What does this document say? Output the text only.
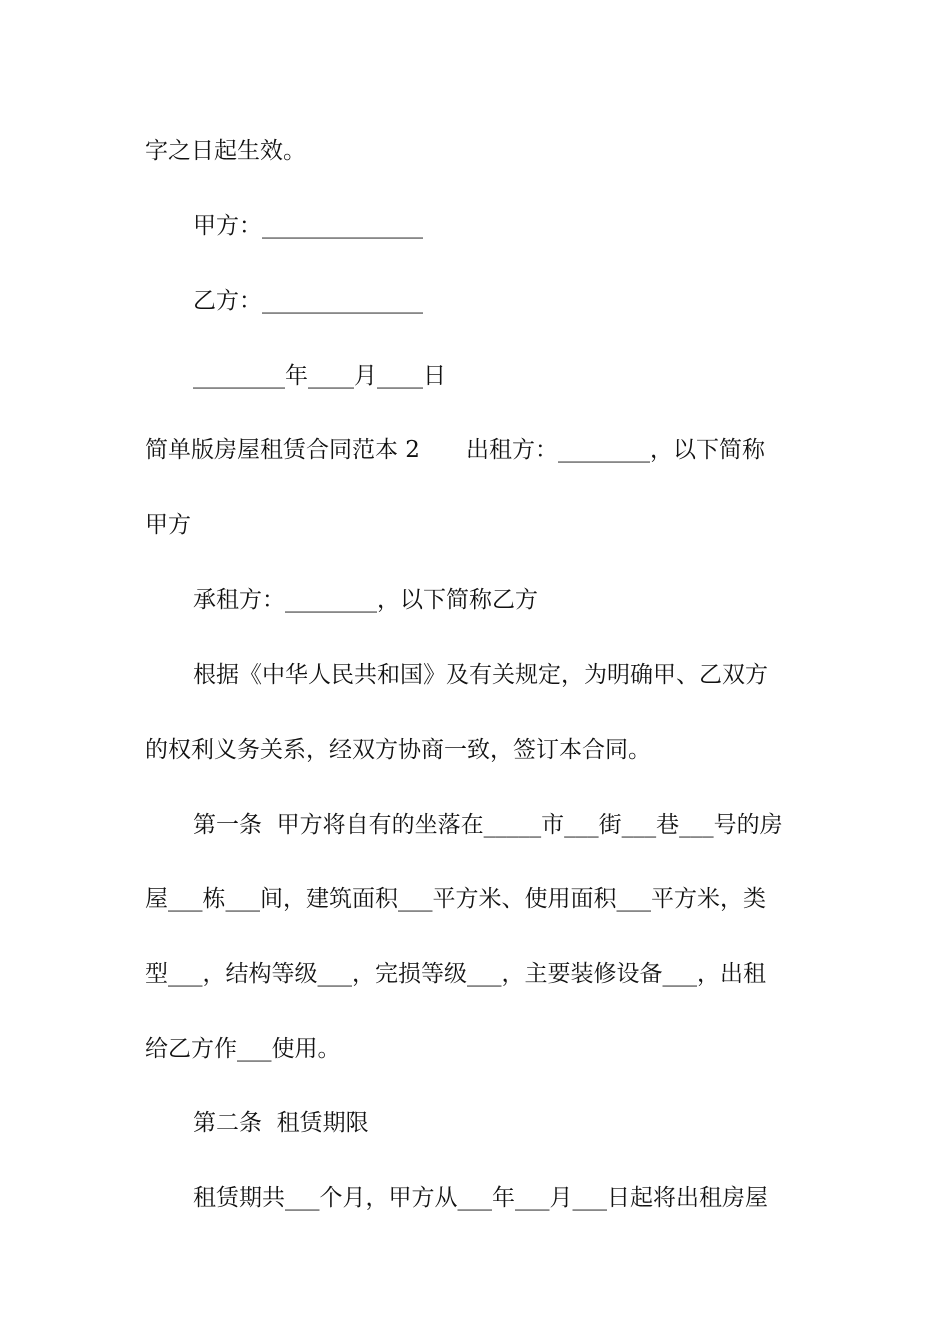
字之日起生效。
甲方：______________
乙方：______________
________年____月____日
简单版房屋租赁合同范本 2　　出租方：________，以下简称
甲方
承租方：________，以下简称乙方
根据《中华人民共和国》及有关规定，为明确甲、乙双方
的权利义务关系，经双方协商一致，签订本合同。
第一条  甲方将自有的坐落在_____市___街___巷___号的房
屋___栋___间，建筑面积___平方米、使用面积___平方米，类
型___，结构等级___，完损等级___，主要装修设备___，出租
给乙方作___使用。
第二条  租赁期限
租赁期共___个月，甲方从___年___月___日起将出租房屋
